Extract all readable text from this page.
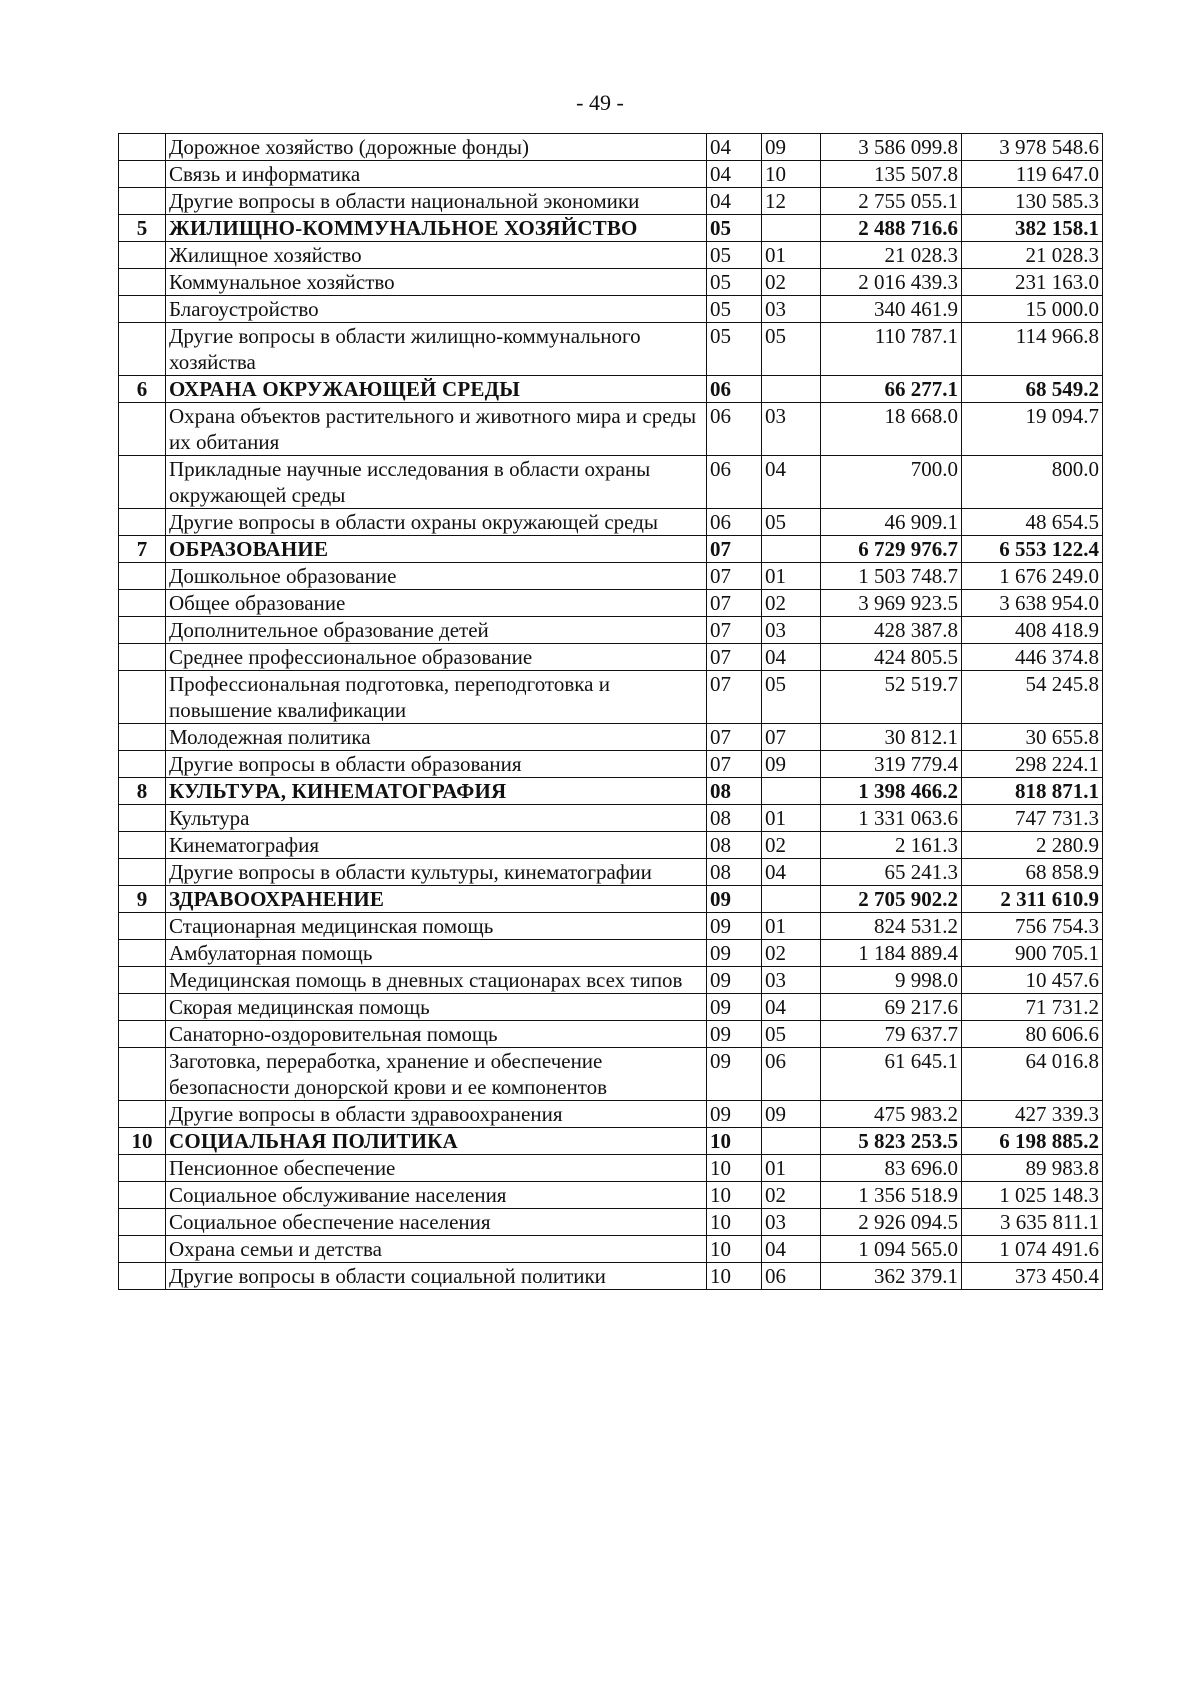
- 49 -
	Дорожное хозяйство (дорожные фонды)	04	09	3 586 099.8	3 978 548.6
	Связь и информатика	04	10	135 507.8	119 647.0
	Другие вопросы в области национальной экономики	04	12	2 755 055.1	130 585.3
5	ЖИЛИЩНО-КОММУНАЛЬНОЕ ХОЗЯЙСТВО	05		2 488 716.6	382 158.1
	Жилищное хозяйство	05	01	21 028.3	21 028.3
	Коммунальное хозяйство	05	02	2 016 439.3	231 163.0
	Благоустройство	05	03	340 461.9	15 000.0
	Другие вопросы в области жилищно-коммунального хозяйства	05	05	110 787.1	114 966.8
6	ОХРАНА ОКРУЖАЮЩЕЙ СРЕДЫ	06		66 277.1	68 549.2
	Охрана объектов растительного и животного мира и среды их обитания	06	03	18 668.0	19 094.7
	Прикладные научные исследования в области охраны окружающей среды	06	04	700.0	800.0
	Другие вопросы в области охраны окружающей среды	06	05	46 909.1	48 654.5
7	ОБРАЗОВАНИЕ	07		6 729 976.7	6 553 122.4
	Дошкольное образование	07	01	1 503 748.7	1 676 249.0
	Общее образование	07	02	3 969 923.5	3 638 954.0
	Дополнительное образование детей	07	03	428 387.8	408 418.9
	Среднее профессиональное образование	07	04	424 805.5	446 374.8
	Профессиональная подготовка, переподготовка и повышение квалификации	07	05	52 519.7	54 245.8
	Молодежная политика	07	07	30 812.1	30 655.8
	Другие вопросы в области образования	07	09	319 779.4	298 224.1
8	КУЛЬТУРА, КИНЕМАТОГРАФИЯ	08		1 398 466.2	818 871.1
	Культура	08	01	1 331 063.6	747 731.3
	Кинематография	08	02	2 161.3	2 280.9
	Другие вопросы в области культуры, кинематографии	08	04	65 241.3	68 858.9
9	ЗДРАВООХРАНЕНИЕ	09		2 705 902.2	2 311 610.9
	Стационарная медицинская помощь	09	01	824 531.2	756 754.3
	Амбулаторная помощь	09	02	1 184 889.4	900 705.1
	Медицинская помощь в дневных стационарах всех типов	09	03	9 998.0	10 457.6
	Скорая медицинская помощь	09	04	69 217.6	71 731.2
	Санаторно-оздоровительная помощь	09	05	79 637.7	80 606.6
	Заготовка, переработка, хранение и обеспечение безопасности донорской крови и ее компонентов	09	06	61 645.1	64 016.8
	Другие вопросы в области здравоохранения	09	09	475 983.2	427 339.3
10	СОЦИАЛЬНАЯ ПОЛИТИКА	10		5 823 253.5	6 198 885.2
	Пенсионное обеспечение	10	01	83 696.0	89 983.8
	Социальное обслуживание населения	10	02	1 356 518.9	1 025 148.3
	Социальное обеспечение населения	10	03	2 926 094.5	3 635 811.1
	Охрана семьи и детства	10	04	1 094 565.0	1 074 491.6
	Другие вопросы в области социальной политики	10	06	362 379.1	373 450.4
